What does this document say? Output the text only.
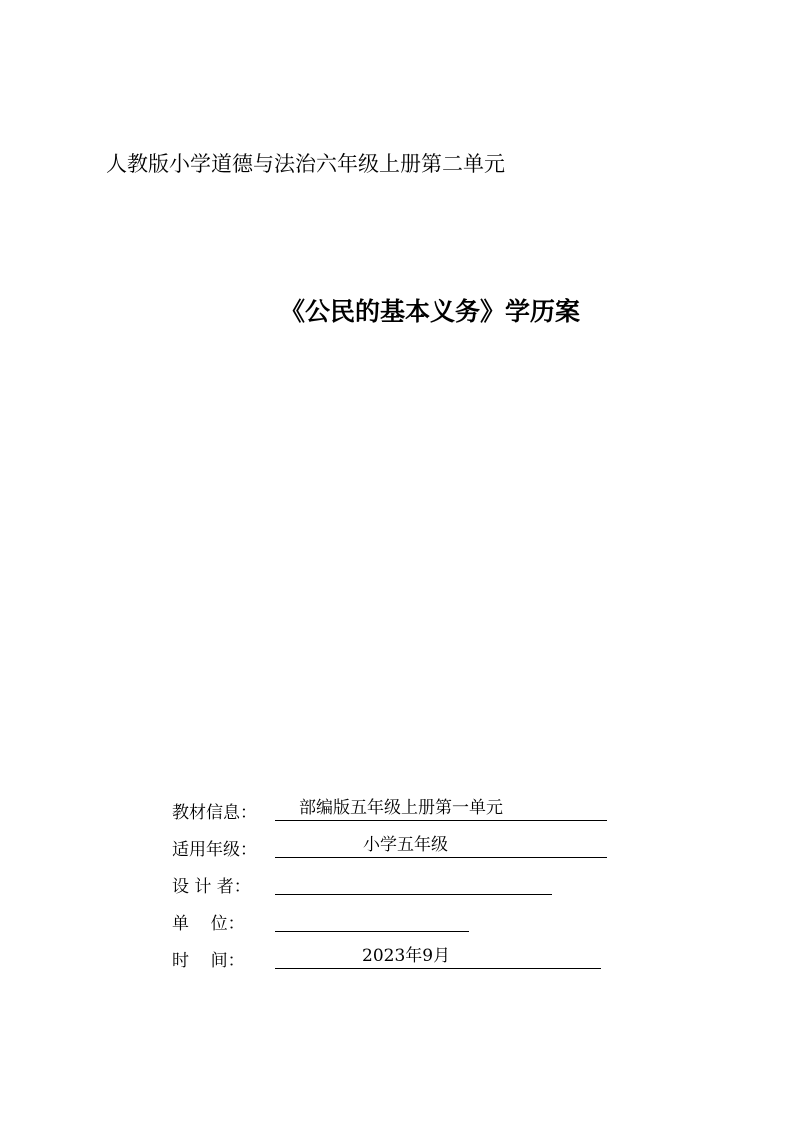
人教版小学道德与法治六年级上册第二单元
《公民的基本义务》学历案
教材信息：	部编版五年级上册第一单元
适用年级：	小学五年级
设 计 者：
单    位：
时    间：	2023年9月
